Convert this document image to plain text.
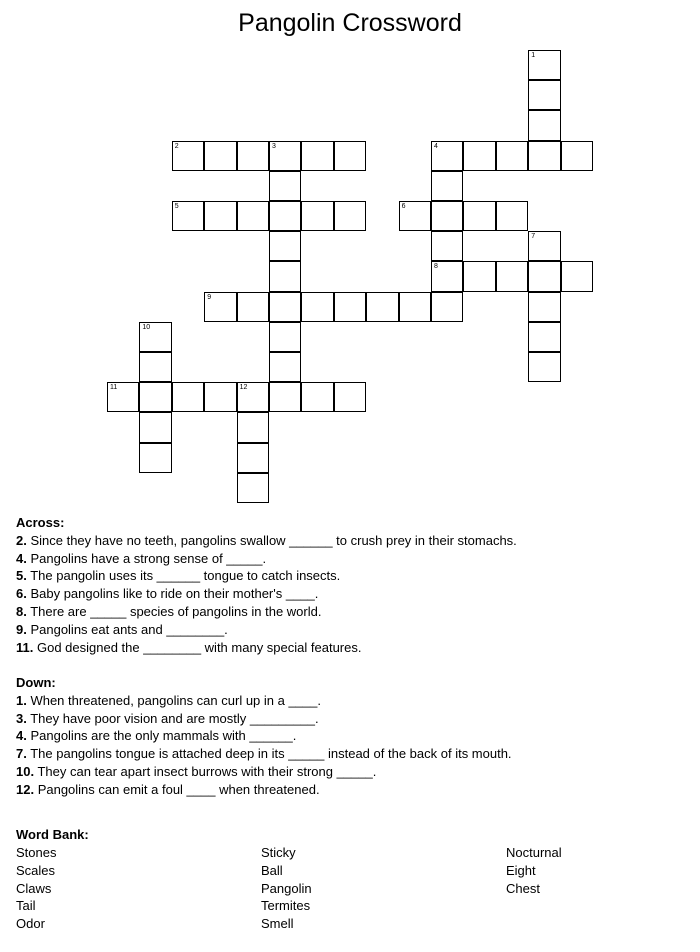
Pangolin Crossword
1
2	3	4
8
5	6
7
9
10
11	12
Across:
2. Since they have no teeth, pangolins swallow ______ to crush prey in their stomachs.
4. Pangolins have a strong sense of _____.
5. The pangolin uses its ______ tongue to catch insects.
6. Baby pangolins like to ride on their mother's ____.
8. There are _____ species of pangolins in the world.
9. Pangolins eat ants and ________.
11. God designed the ________ with many special features.
Down:
1. When threatened, pangolins can curl up in a ____.
3. They have poor vision and are mostly _________.
4. Pangolins are the only mammals with ______.
7. The pangolins tongue is attached deep in its _____ instead of the back of its mouth.
10. They can tear apart insect burrows with their strong _____.
12. Pangolins can emit a foul ____ when threatened.
Word Bank:
Stones
Scales
Claws
Tail
Odor
Sticky
Ball
Pangolin
Termites
Smell
Nocturnal
Eight
Chest
